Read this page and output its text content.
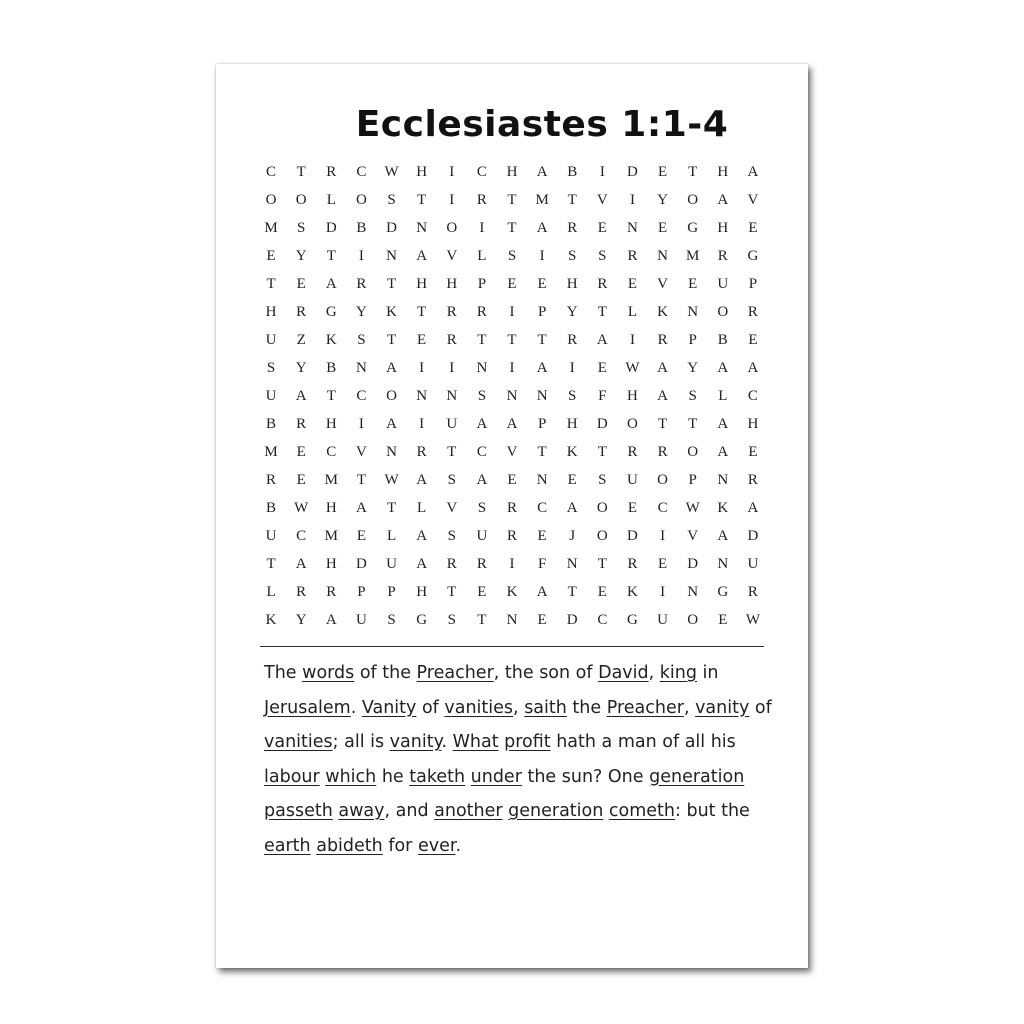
Ecclesiastes 1:1-4
C	T	R	C	W	H	I	C	H	A	B	I	D	E	T	H	A
O	O	L	O	S	T	I	R	T	M	T	V	I	Y	O	A	V
M	S	D	B	D	N	O	I	T	A	R	E	N	E	G	H	E
E	Y	T	I	N	A	V	L	S	I	S	S	R	N	M	R	G
T	E	A	R	T	H	H	P	E	E	H	R	E	V	E	U	P
H	R	G	Y	K	T	R	R	I	P	Y	T	L	K	N	O	R
U	Z	K	S	T	E	R	T	T	T	R	A	I	R	P	B	E
S	Y	B	N	A	I	I	N	I	A	I	E	W	A	Y	A	A
U	A	T	C	O	N	N	S	N	N	S	F	H	A	S	L	C
B	R	H	I	A	I	U	A	A	P	H	D	O	T	T	A	H
M	E	C	V	N	R	T	C	V	T	K	T	R	R	O	A	E
R	E	M	T	W	A	S	A	E	N	E	S	U	O	P	N	R
B	W	H	A	T	L	V	S	R	C	A	O	E	C	W	K	A
U	C	M	E	L	A	S	U	R	E	J	O	D	I	V	A	D
T	A	H	D	U	A	R	R	I	F	N	T	R	E	D	N	U
L	R	R	P	P	H	T	E	K	A	T	E	K	I	N	G	R
K	Y	A	U	S	G	S	T	N	E	D	C	G	U	O	E	W
The words of the Preacher, the son of David, king in Jerusalem. Vanity of vanities, saith the Preacher, vanity of vanities; all is vanity. What profit hath a man of all his labour which he taketh under the sun? One generation passeth away, and another generation cometh: but the earth abideth for ever.
